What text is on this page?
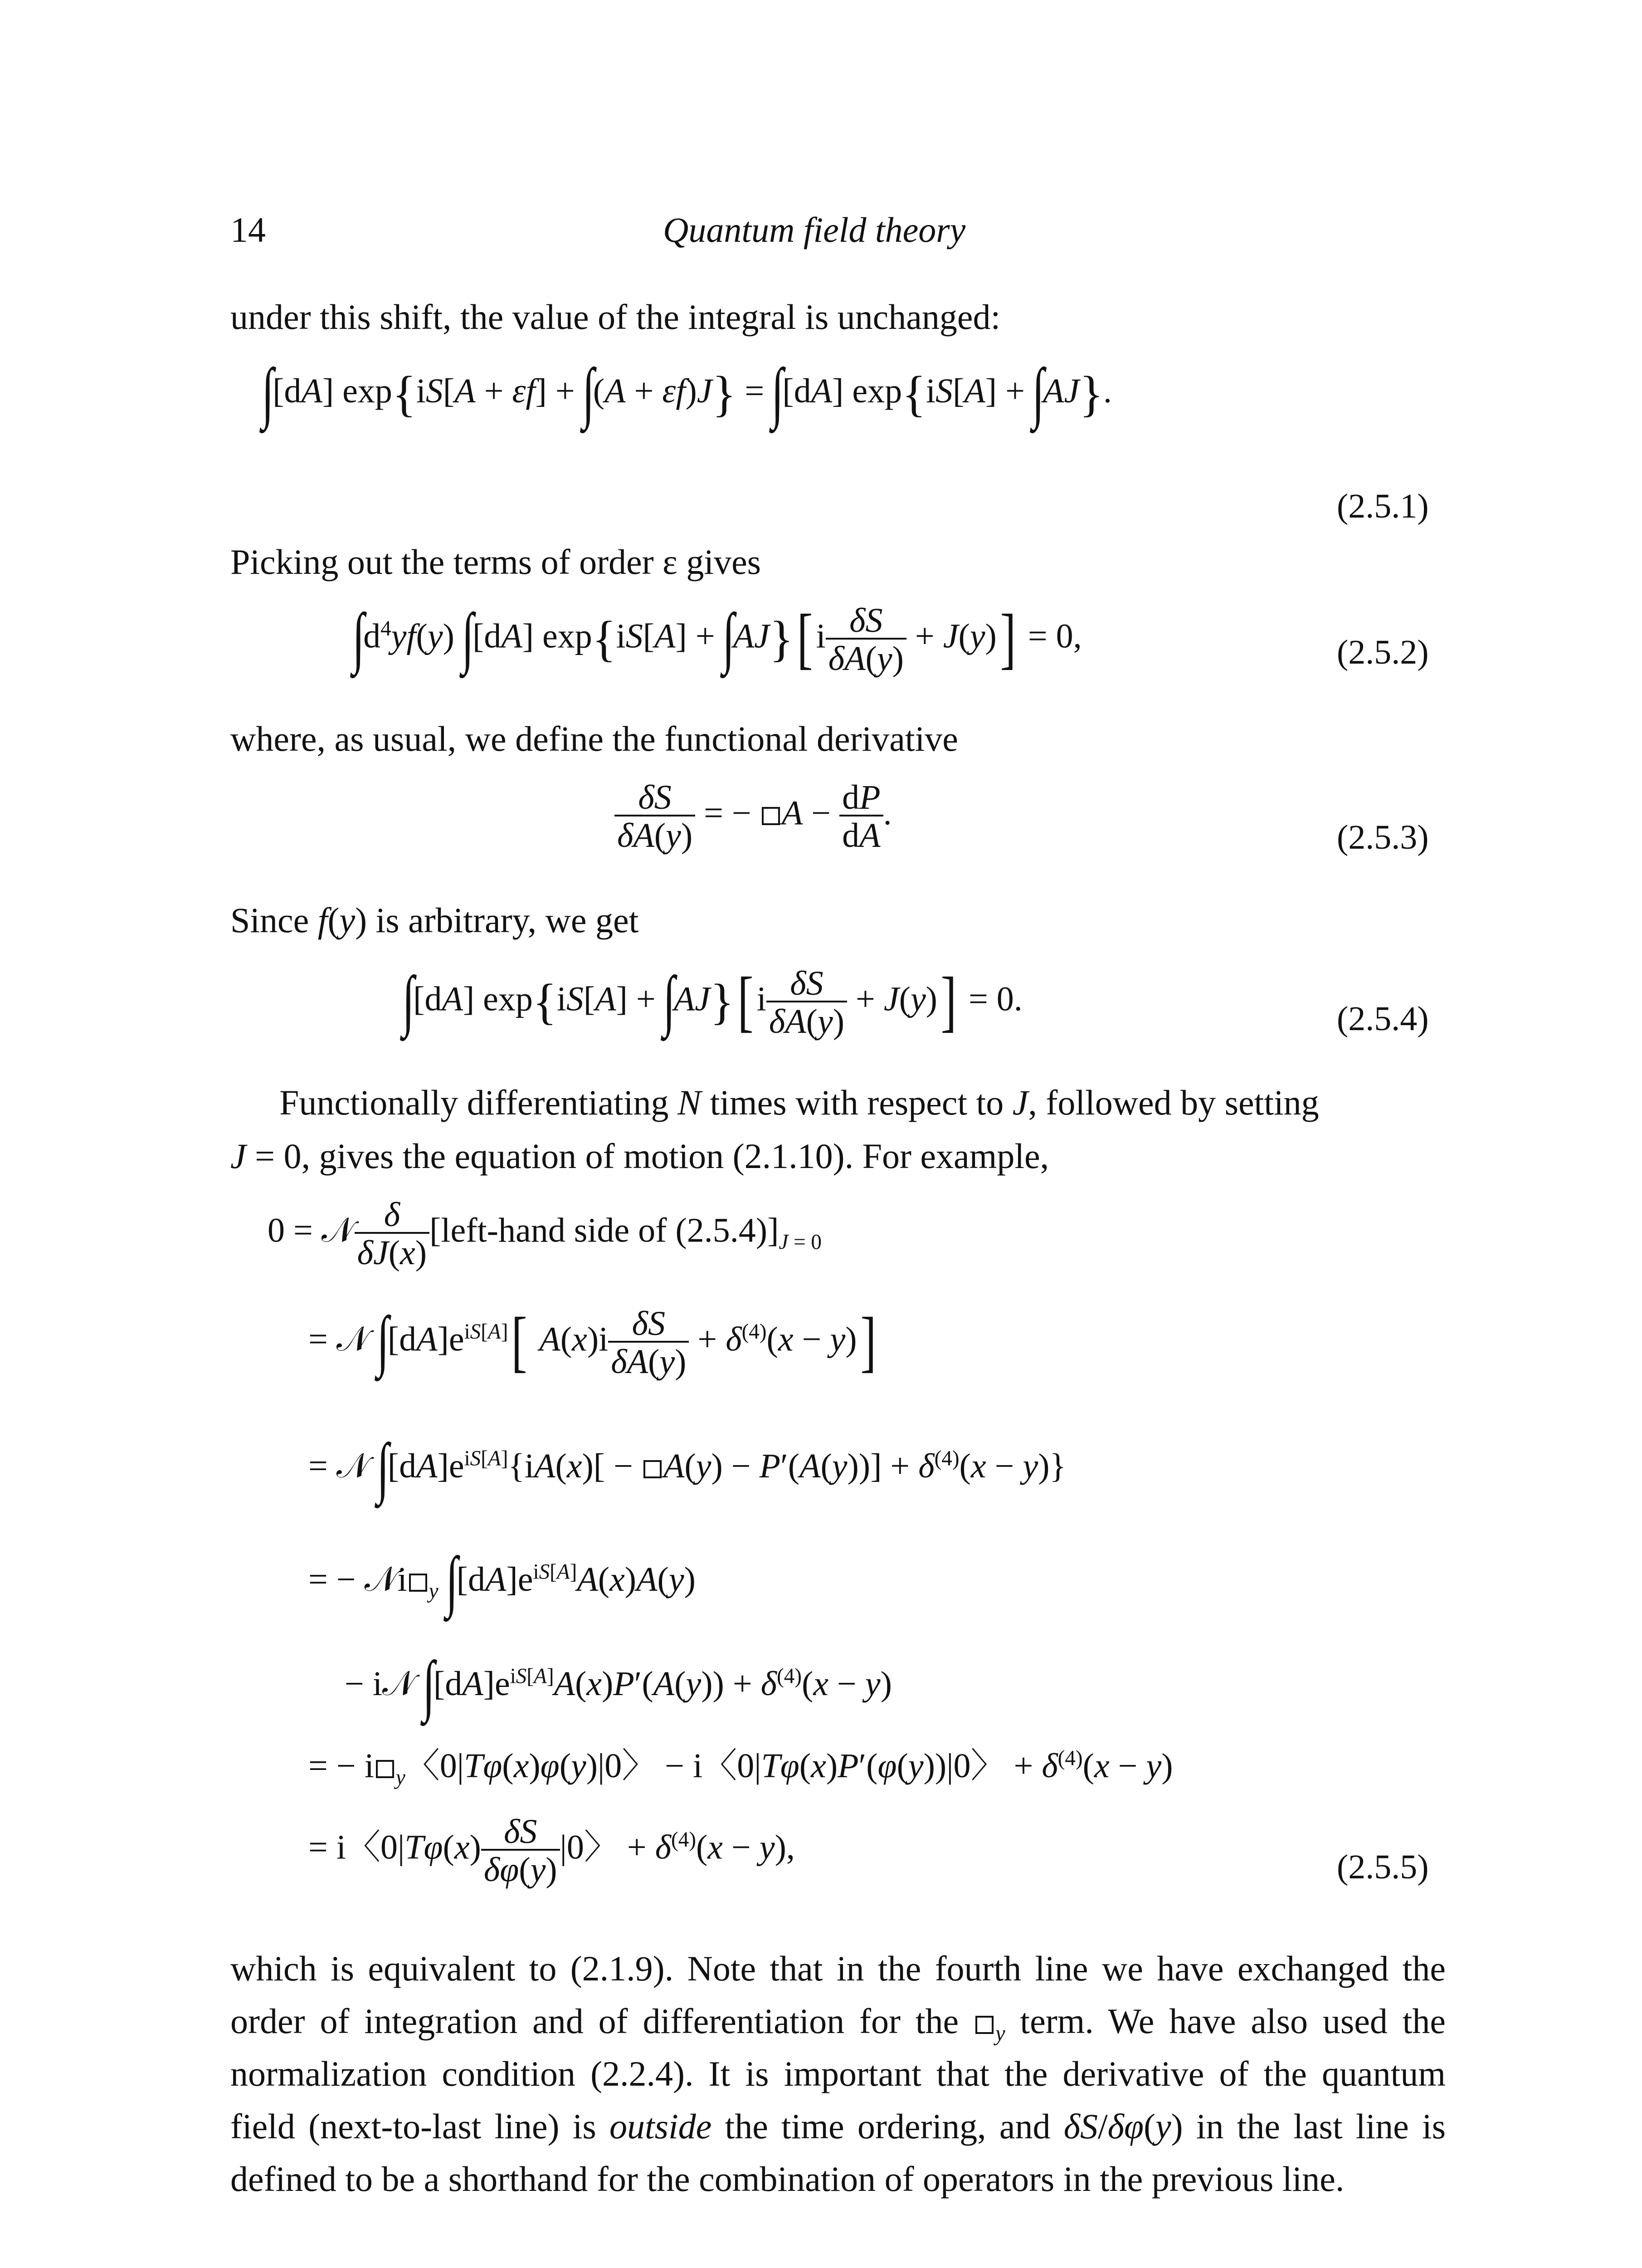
14	Quantum field theory
under this shift, the value of the integral is unchanged:
∫[dA] exp{iS[A + εf] + ∫(A + εf)J} = ∫[dA] exp{iS[A] + ∫AJ}.
(2.5.1)
Picking out the terms of order ε gives
$\int d^4yf(y)$ ∫[dA] $\exp\{iS[A] + \int AJ\}[i \frac{\delta S}{\delta A(y)} + J(y)] = 0$,	(2.5.2)
where, as usual, we define the functional derivative
$\frac{\delta S}{\delta A(y)}$ = − $A - \frac{dP}{dA}$ .
(2.5.3)
Since f(y) is arbitrary, we get
∫[dA] $\exp\{iS[A] + \int AJ\}[i \frac{\delta S}{\delta A(y)} + J(y)] = 0$.
(2.5.4)
Functionally differentiating N times with respect to J, followed by setting
J = 0, gives the equation of motion (2.1.10). For example,
0 = 𝒩 $\frac{\delta}{\delta J(x)}$ [left-hand side of $(2.5.4)]_{J = 0}$
= 𝒩 $\int[dA]e^{iS[A]}$[ $A(x)i \frac{\delta S}{\delta A(y)} + \delta^{(4)}(x - y)$]
= 𝒩 $\int[dA]e^{iS[A]}\{iA(x)[ - A(y) - P'(A(y))] + \delta^{(4)}(x - y)\}$
= − 𝒩i $_y$ $\int[dA]e^{iS[A]}A(x)A(y)$
− i𝒩 $\int[dA]e^{iS[A]}A(x)P'(A(y)) + \delta^{(4)}(x - y)$
= − i $_y$〈0|Tφ(x)φ(y)|0〉 − i〈0|Tφ(x)P′(φ(y))|0〉 + $\delta^{(4)}(x - y)$
= i〈$0|T\varphi(x) \frac{\delta S}{\delta\varphi(y)} |0$〉 + $\delta^{(4)}(x - y)$,
(2.5.5)
which is equivalent to (2.1.9). Note that in the fourth line we have exchanged the order of integration and of differentiation for the $_y$ term. We have also used the normalization condition (2.2.4). It is important that the derivative of the quantum field (next-to-last line) is outside the time ordering, and δS/δφ(y) in the last line is defined to be a shorthand for the combination of operators in the previous line.
